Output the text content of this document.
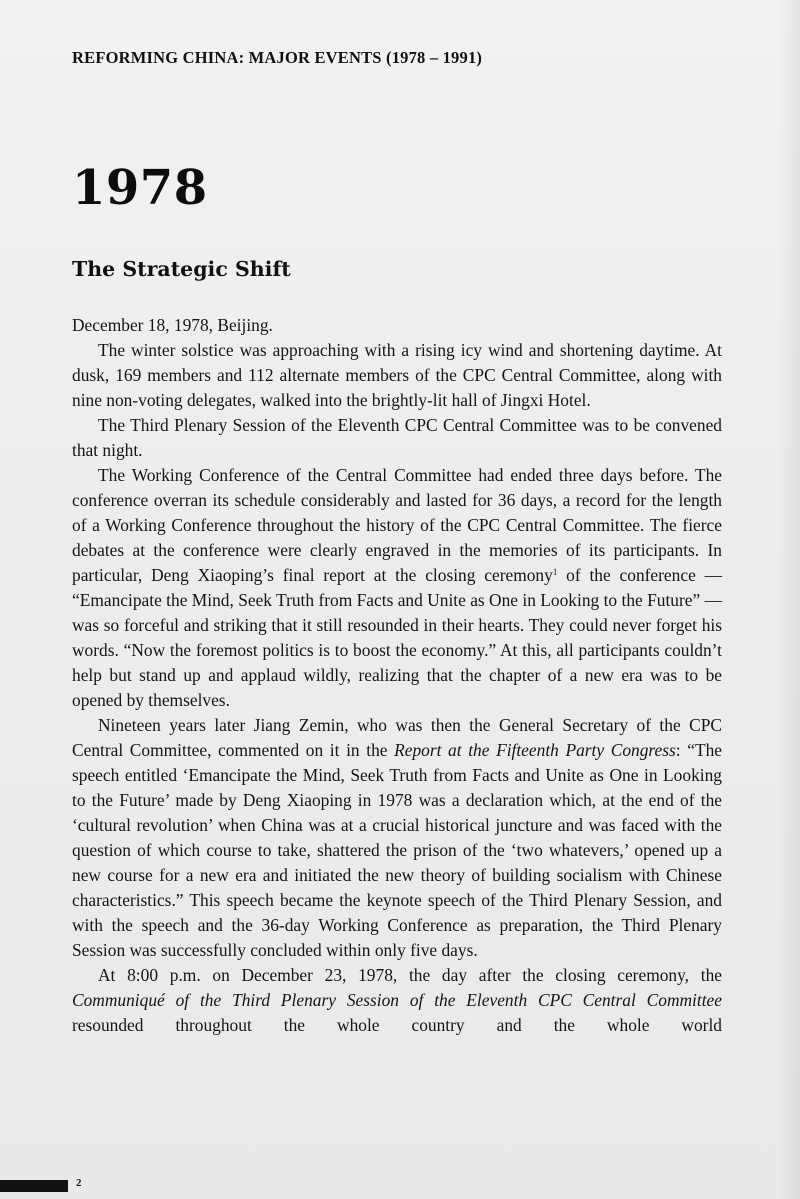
REFORMING CHINA: MAJOR EVENTS (1978 – 1991)
1978
The Strategic Shift

December 18, 1978, Beijing.

The winter solstice was approaching with a rising icy wind and shortening daytime. At dusk, 169 members and 112 alternate members of the CPC Central Committee, along with nine non-voting delegates, walked into the brightly-lit hall of Jingxi Hotel.

The Third Plenary Session of the Eleventh CPC Central Committee was to be convened that night.

The Working Conference of the Central Committee had ended three days before. The conference overran its schedule considerably and lasted for 36 days, a record for the length of a Working Conference throughout the history of the CPC Central Committee. The fierce debates at the conference were clearly engraved in the memories of its participants. In particular, Deng Xiaoping’s final report at the closing ceremony$^1$ of the conference — “Emancipate the Mind, Seek Truth from Facts and Unite as One in Looking to the Future” — was so forceful and striking that it still resounded in their hearts. They could never forget his words. “Now the foremost politics is to boost the economy.” At this, all participants couldn’t help but stand up and applaud wildly, realizing that the chapter of a new era was to be opened by themselves.

Nineteen years later Jiang Zemin, who was then the General Secretary of the CPC Central Committee, commented on it in the Report at the Fifteenth Party Congress: “The speech entitled ‘Emancipate the Mind, Seek Truth from Facts and Unite as One in Looking to the Future’ made by Deng Xiaoping in 1978 was a declaration which, at the end of the ‘cultural revolution’ when China was at a crucial historical juncture and was faced with the question of which course to take, shattered the prison of the ‘two whatevers,’ opened up a new course for a new era and initiated the new theory of building socialism with Chinese characteristics.” This speech became the keynote speech of the Third Plenary Session, and with the speech and the 36-day Working Conference as preparation, the Third Plenary Session was successfully concluded within only five days.

At 8:00 p.m. on December 23, 1978, the day after the closing ceremony, the Communiqué of the Third Plenary Session of the Eleventh CPC Central Committee resounded throughout the whole country and the whole world

2
